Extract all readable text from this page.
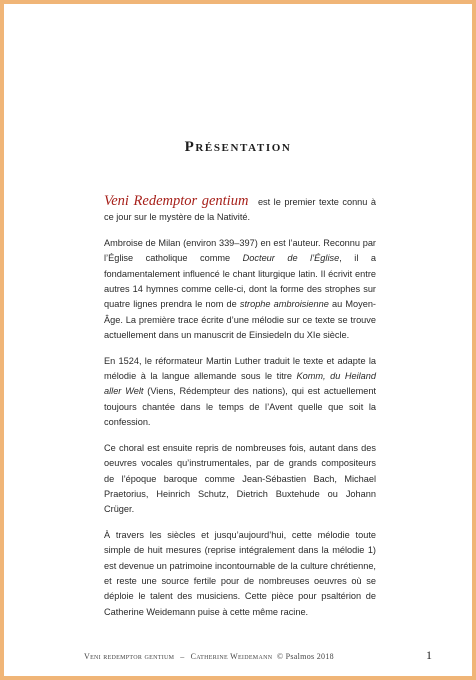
Présentation

Veni Redemptor gentium est le premier texte connu à ce jour sur le mystère de la Nativité.

Ambroise de Milan (environ 339–397) en est l’auteur. Reconnu par l’Église catholique comme Docteur de l’Église, il a fondamentalement influencé le chant liturgique latin. Il écrivit entre autres 14 hymnes comme celle-ci, dont la forme des strophes sur quatre lignes prendra le nom de strophe ambroisienne au Moyen-Âge. La première trace écrite d’une mélodie sur ce texte se trouve actuellement dans un manuscrit de Einsiedeln du XIe siècle.

En 1524, le réformateur Martin Luther traduit le texte et adapte la mélodie à la langue allemande sous le titre Komm, du Heiland aller Welt (Viens, Rédempteur des nations), qui est actuellement toujours chantée dans le temps de l’Avent quelle que soit la confession.

Ce choral est ensuite repris de nombreuses fois, autant dans des oeuvres vocales qu’instrumentales, par de grands compositeurs de l’époque baroque comme Jean-Sébastien Bach, Michael Praetorius, Heinrich Schutz, Dietrich Buxtehude ou Johann Crüger.

À travers les siècles et jusqu’aujourd’hui, cette mélodie toute simple de huit mesures (reprise intégralement dans la mélodie 1) est devenue un patrimoine incontournable de la culture chrétienne, et reste une source fertile pour de nombreuses oeuvres où se déploie le talent des musiciens. Cette pièce pour psaltérion de Catherine Weidemann puise à cette même racine.

Veni redemptor gentium – Catherine Weidemann © Psalmos 2018	1
